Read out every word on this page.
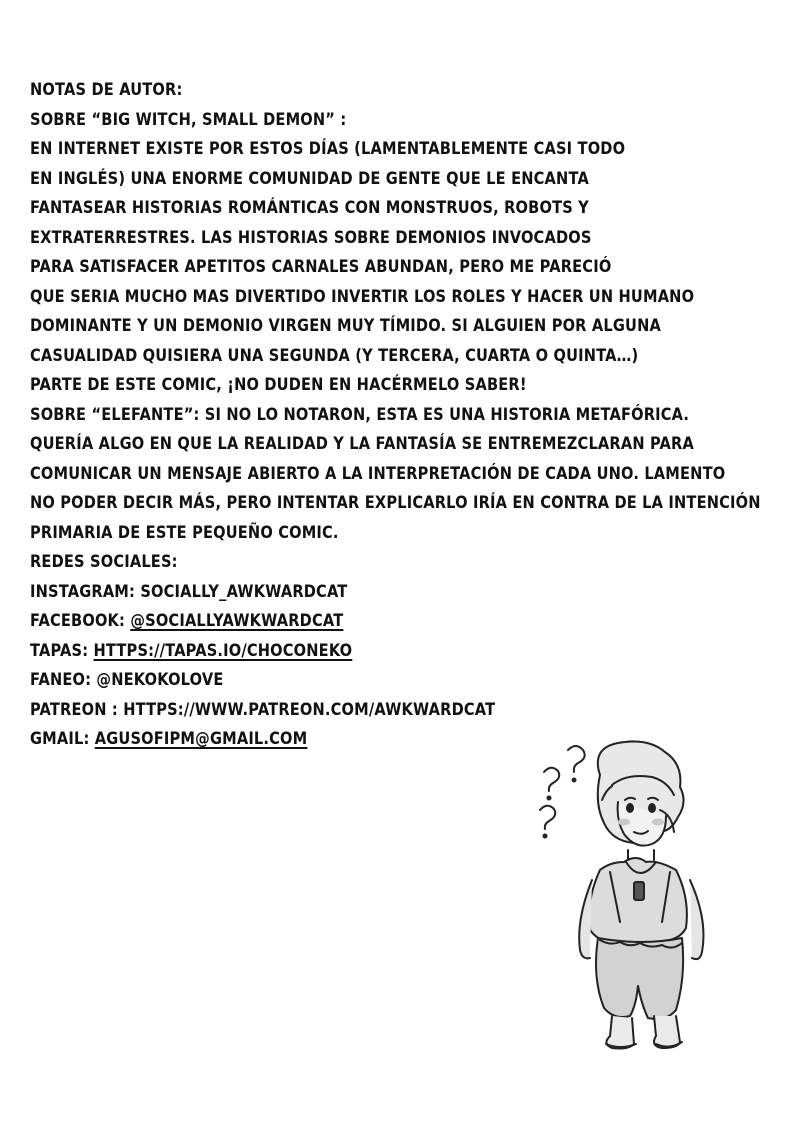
NOTAS DE AUTOR:
SOBRE “BIG WITCH, SMALL DEMON” :
EN INTERNET EXISTE POR ESTOS DÍAS (LAMENTABLEMENTE CASI TODO
EN INGLÉS) UNA ENORME COMUNIDAD DE GENTE QUE LE ENCANTA
FANTASEAR HISTORIAS ROMÁNTICAS CON MONSTRUOS, ROBOTS Y
EXTRATERRESTRES. LAS HISTORIAS SOBRE DEMONIOS INVOCADOS
PARA SATISFACER APETITOS CARNALES ABUNDAN, PERO ME PARECIÓ
QUE SERIA MUCHO MAS DIVERTIDO INVERTIR LOS ROLES Y HACER UN HUMANO
DOMINANTE Y UN DEMONIO VIRGEN MUY TÍMIDO. SI ALGUIEN POR ALGUNA
CASUALIDAD QUISIERA UNA SEGUNDA (Y TERCERA, CUARTA O QUINTA…)
PARTE DE ESTE COMIC, ¡NO DUDEN EN HACÉRMELO SABER!
SOBRE “ELEFANTE”: SI NO LO NOTARON, ESTA ES UNA HISTORIA METAFÓRICA.
QUERÍA ALGO EN QUE LA REALIDAD Y LA FANTASÍA SE ENTREMEZCLARAN PARA
COMUNICAR UN MENSAJE ABIERTO A LA INTERPRETACIÓN DE CADA UNO. LAMENTO
NO PODER DECIR MÁS, PERO INTENTAR EXPLICARLO IRÍA EN CONTRA DE LA INTENCIÓN
PRIMARIA DE ESTE PEQUEÑO COMIC.
REDES SOCIALES:
INSTAGRAM: SOCIALLY_AWKWARDCAT
FACEBOOK: @SOCIALLYAWKWARDCAT
TAPAS: HTTPS://TAPAS.IO/CHOCONEKO
FANEO: @NEKOKOLOVE
PATREON : HTTPS://WWW.PATREON.COM/AWKWARDCAT
GMAIL: AGUSOFIPM@GMAIL.COM
